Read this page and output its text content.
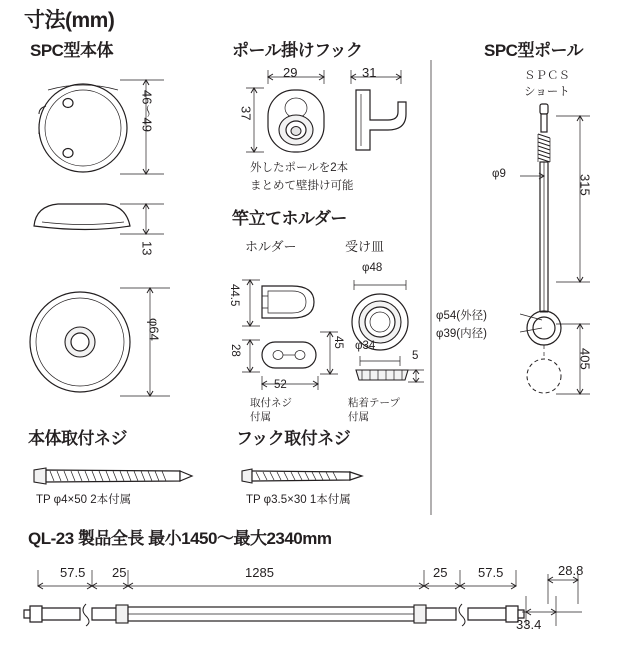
寸法(mm)
SPC型本体
46〜49
13
φ64
本体取付ネジ
TP φ4×50 2本付属
ポール掛けフック
29	31
37
外したポールを2本
まとめて壁掛け可能
竿立てホルダー
ホルダー	受け皿
44.5
28
52
45
取付ネジ
付属
φ48
φ34
5
粘着テープ
付属
フック取付ネジ
TP φ3.5×30 1本付属
SPC型ポール
ＳＰＣＳ
ショート
φ9	315
φ54(外径)
φ39(内径)
405
QL-23 製品全長 最小1450〜最大2340mm
57.5 25	1285	25 57.5	28.8
33.4
